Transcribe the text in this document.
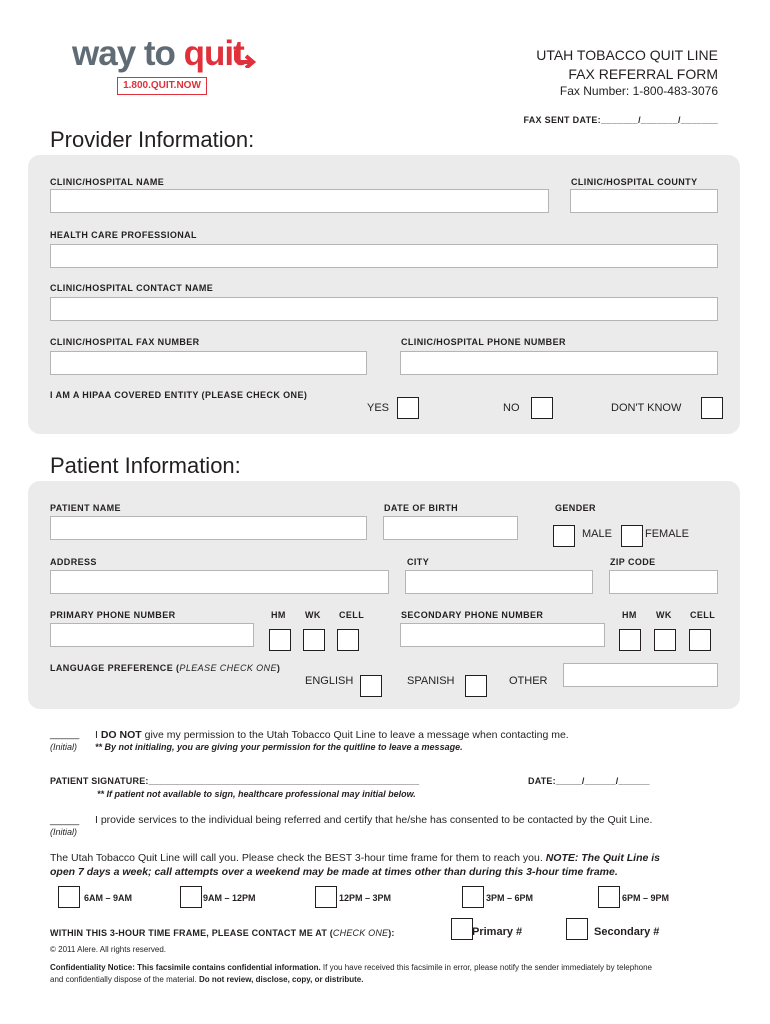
way to quit
1.800.QUIT.NOW
UTAH TOBACCO QUIT LINE
FAX REFERRAL FORM
Fax Number: 1-800-483-3076
FAX SENT DATE:_______/_______/_______
Provider Information:
CLINIC/HOSPITAL NAME	CLINIC/HOSPITAL COUNTY
HEALTH CARE PROFESSIONAL
CLINIC/HOSPITAL CONTACT NAME
CLINIC/HOSPITAL FAX NUMBER	CLINIC/HOSPITAL PHONE NUMBER
I AM A HIPAA COVERED ENTITY (PLEASE CHECK ONE)
YES	NO	DON'T KNOW
Patient Information:
PATIENT NAME	DATE OF BIRTH	GENDER
MALE	FEMALE
ADDRESS	CITY	ZIP CODE
PRIMARY PHONE NUMBER	HM WK CELL	SECONDARY PHONE NUMBER	HM WK CELL
LANGUAGE PREFERENCE (PLEASE CHECK ONE)
ENGLISH	SPANISH	OTHER
_____
(Initial)
I DO NOT give my permission to the Utah Tobacco Quit Line to leave a message when contacting me.
** By not initialing, you are giving your permission for the quitline to leave a message.
PATIENT SIGNATURE:____________________________________________________	DATE:_____/______/______
** If patient not available to sign, healthcare professional may initial below.
_____
(Initial)
I provide services to the individual being referred and certify that he/she has consented to be contacted by the Quit Line.
The Utah Tobacco Quit Line will call you. Please check the BEST 3-hour time frame for them to reach you. NOTE: The Quit Line is
open 7 days a week; call attempts over a weekend may be made at times other than during this 3-hour time frame.
6AM – 9AM	9AM – 12PM	12PM – 3PM	3PM – 6PM	6PM – 9PM
WITHIN THIS 3-HOUR TIME FRAME, PLEASE CONTACT ME AT (CHECK ONE):	Primary #	Secondary #
© 2011 Alere. All rights reserved.
Confidentiality Notice: This facsimile contains confidential information. If you have received this facsimile in error, please notify the sender immediately by telephone
and confidentially dispose of the material. Do not review, disclose, copy, or distribute.
